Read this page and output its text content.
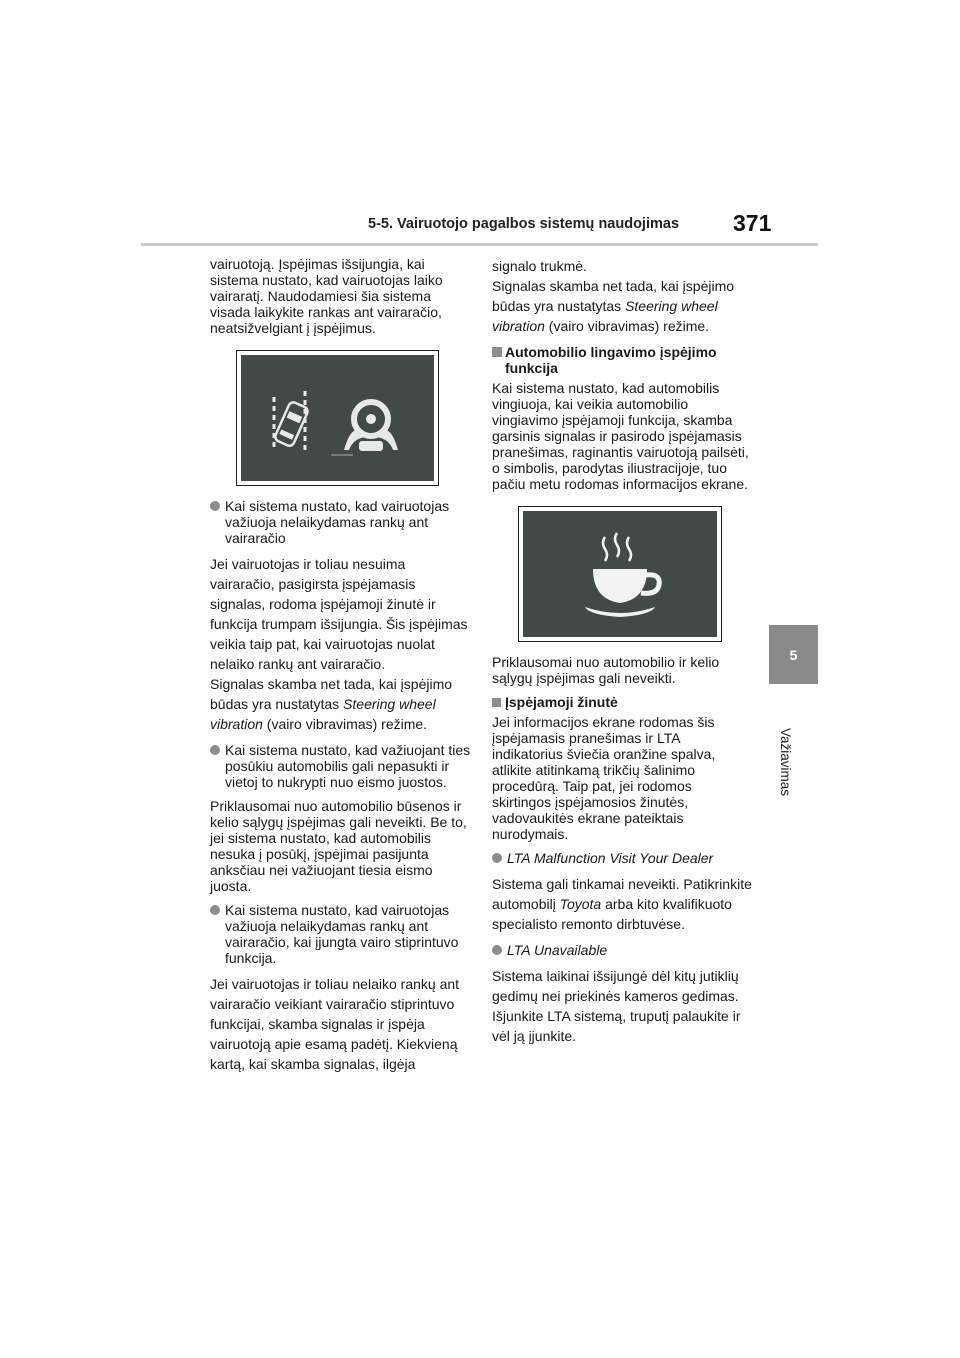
5-5. Vairuotojo pagalbos sistemų naudojimas 371
5
Važiavimas

vairuotoją. Įspėjimas išsijungia, kai sistema nustato, kad vairuotojas laiko vairaratį. Naudodamiesi šia sistema visada laikykite rankas ant vairaračio, neatsižvelgiant į įspėjimus.

Kai sistema nustato, kad vairuotojas važiuoja nelaikydamas rankų ant vairaračio

Jei vairuotojas ir toliau nesuima vairaračio, pasigirsta įspėjamasis signalas, rodoma įspėjamoji žinutė ir funkcija trumpam išsijungia. Šis įspėjimas veikia taip pat, kai vairuotojas nuolat nelaiko rankų ant vairaračio.

Signalas skamba net tada, kai įspėjimo būdas yra nustatytas Steering wheel vibration (vairo vibravimas) režime.

Kai sistema nustato, kad važiuojant ties posūkiu automobilis gali nepasukti ir vietoj to nukrypti nuo eismo juostos.

Priklausomai nuo automobilio būsenos ir kelio sąlygų įspėjimas gali neveikti. Be to, jei sistema nustato, kad automobilis nesuka į posūkį, įspėjimai pasijunta anksčiau nei važiuojant tiesia eismo juosta.

Kai sistema nustato, kad vairuotojas važiuoja nelaikydamas rankų ant vairaračio, kai įjungta vairo stiprintuvo funkcija.

Jei vairuotojas ir toliau nelaiko rankų ant vairaračio veikiant vairaračio stiprintuvo funkcijai, skamba signalas ir įspėja vairuotoją apie esamą padėtį. Kiekvieną kartą, kai skamba signalas, ilgėja

signalo trukmė.

Signalas skamba net tada, kai įspėjimo būdas yra nustatytas Steering wheel vibration (vairo vibravimas) režime.

Automobilio lingavimo įspėjimo funkcija

Kai sistema nustato, kad automobilis vingiuoja, kai veikia automobilio vingiavimo įspėjamoji funkcija, skamba garsinis signalas ir pasirodo įspėjamasis pranešimas, raginantis vairuotoją pailsėti, o simbolis, parodytas iliustracijoje, tuo pačiu metu rodomas informacijos ekrane.

Priklausomai nuo automobilio ir kelio sąlygų įspėjimas gali neveikti.

Įspėjamoji žinutė

Jei informacijos ekrane rodomas šis įspėjamasis pranešimas ir LTA indikatorius šviečia oranžine spalva, atlikite atitinkamą trikčių šalinimo procedūrą. Taip pat, jei rodomos skirtingos įspėjamosios žinutės, vadovaukitės ekrane pateiktais nurodymais.

LTA Malfunction Visit Your Dealer

Sistema gali tinkamai neveikti. Patikrinkite automobilį Toyota arba kito kvalifikuoto specialisto remonto dirbtuvėse.

LTA Unavailable

Sistema laikinai išsijungė dėl kitų jutiklių gedimų nei priekinės kameros gedimas. Išjunkite LTA sistemą, truputį palaukite ir vėl ją įjunkite.
